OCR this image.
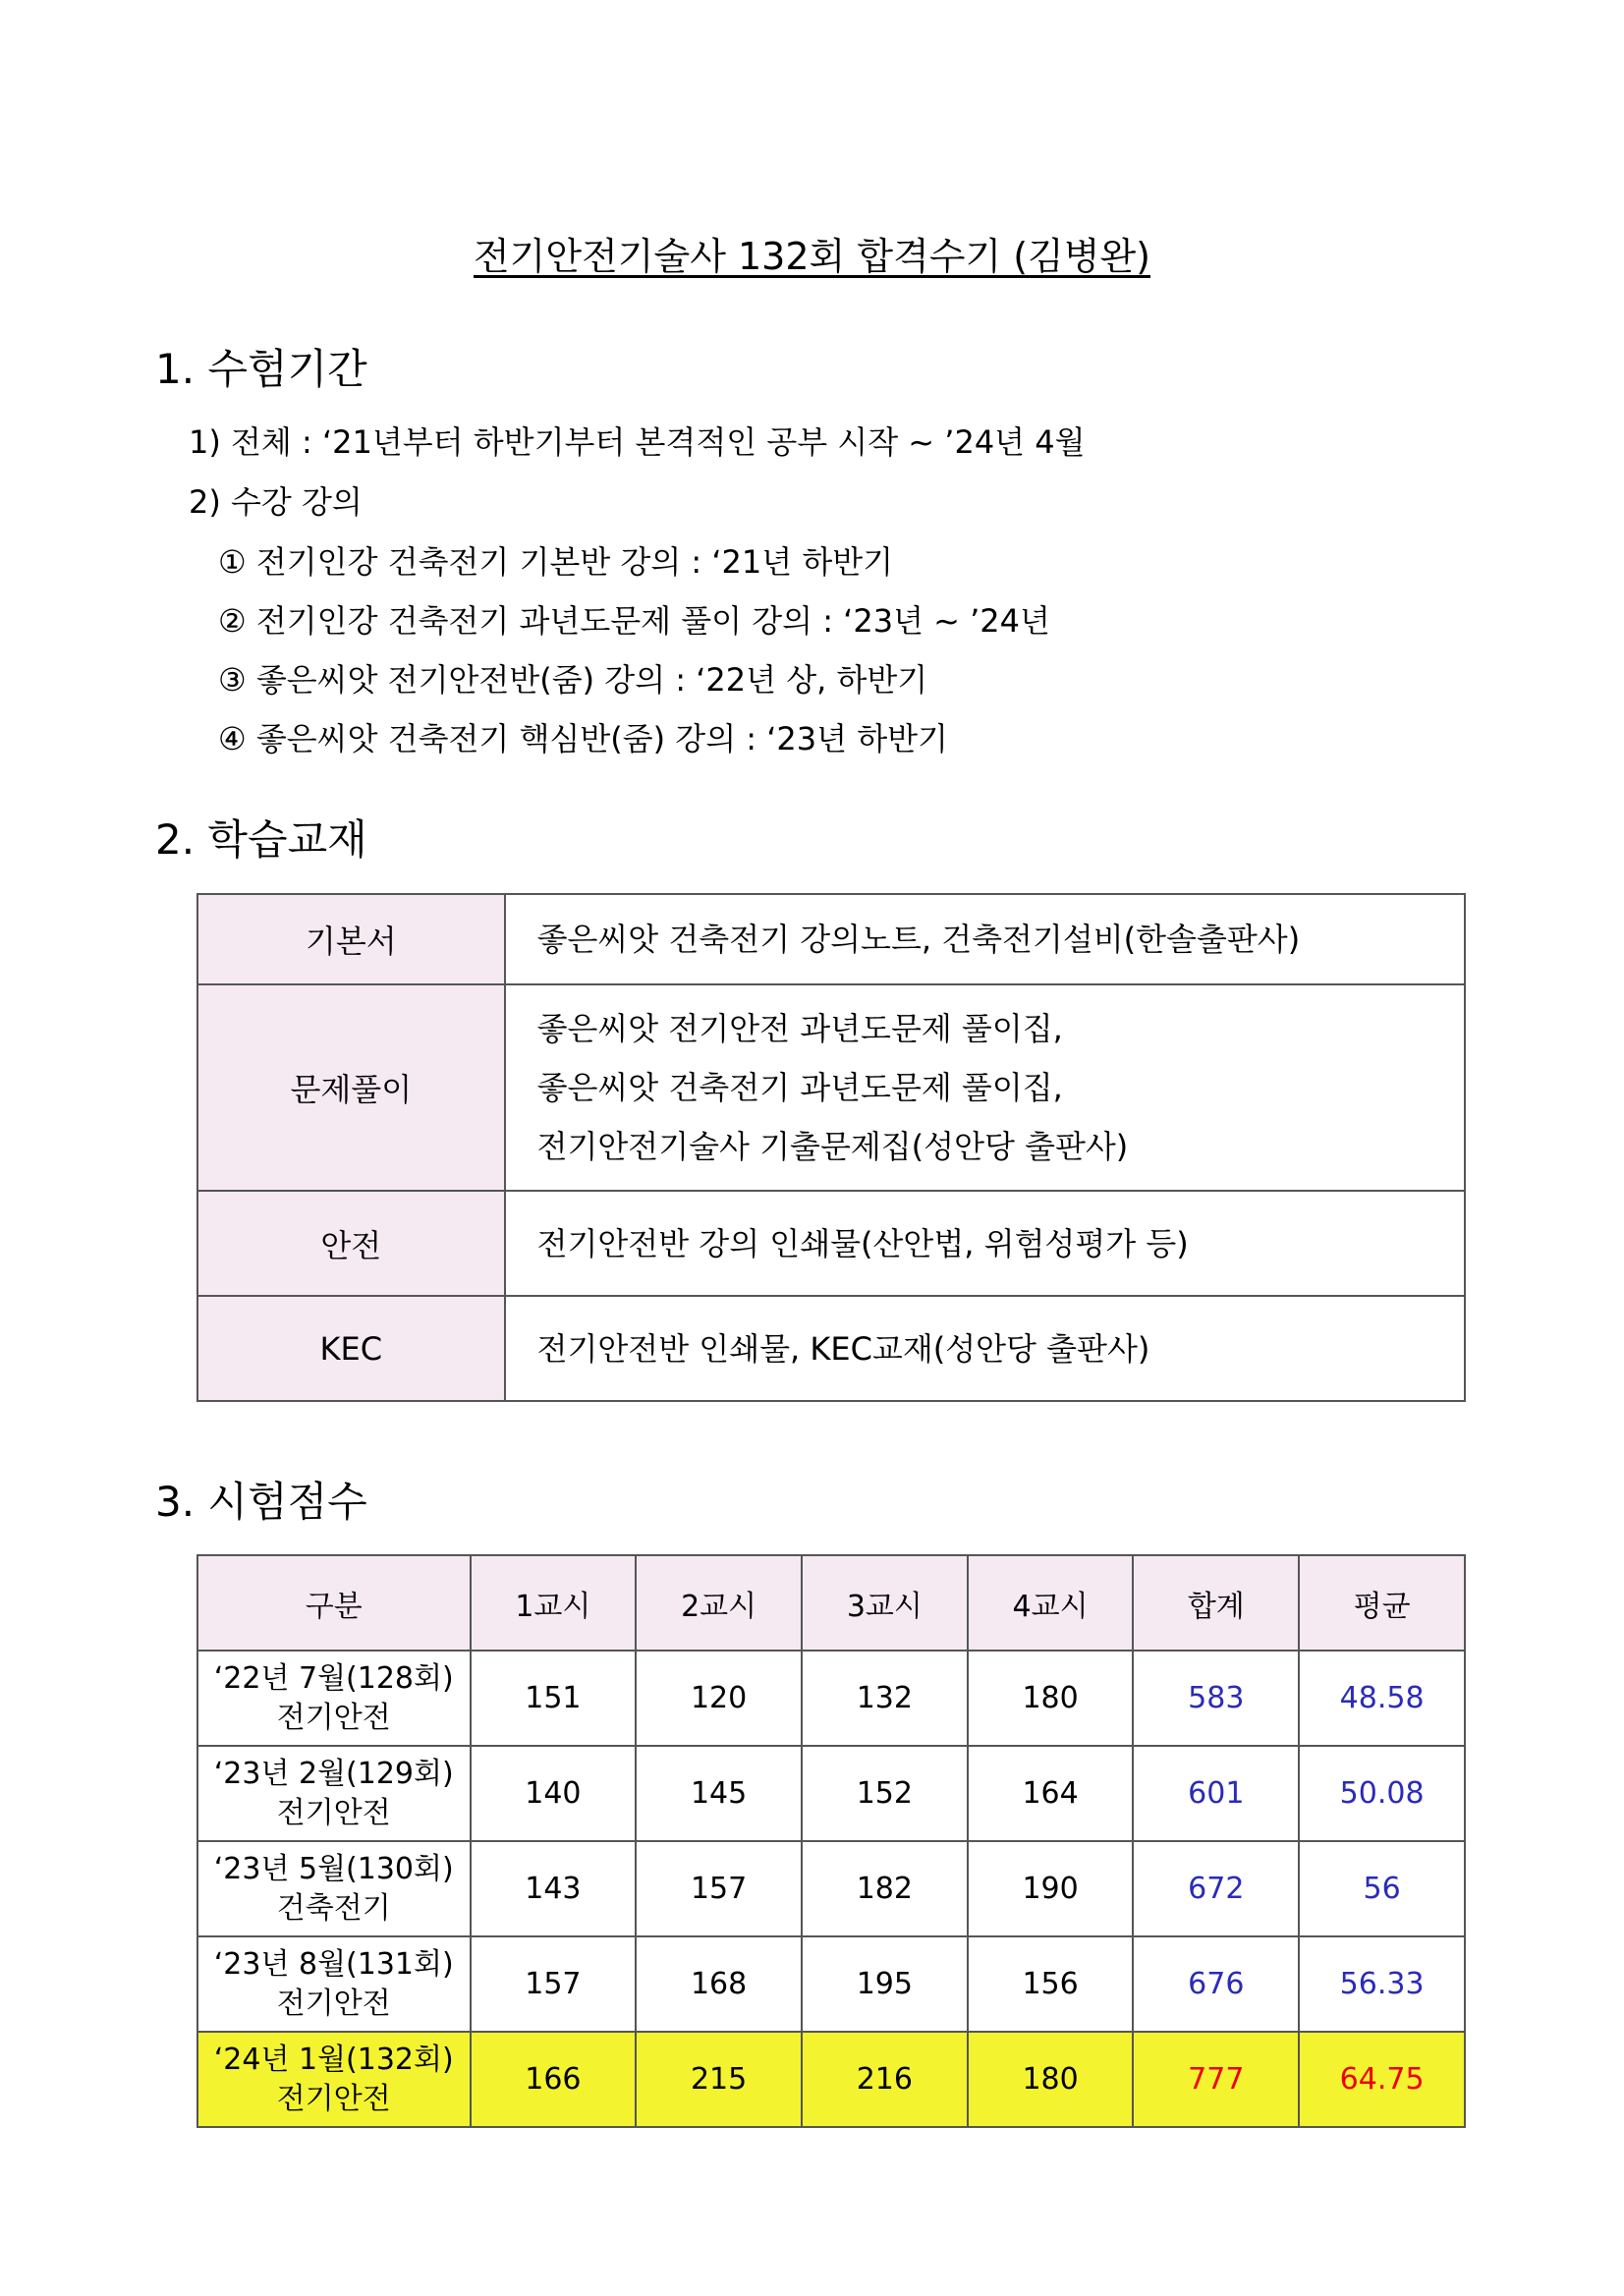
전기안전기술사 132회 합격수기 (김병완)
1. 수험기간
1) 전체 : ‘21년부터 하반기부터 본격적인 공부 시작 ~ ’24년 4월
2) 수강 강의
① 전기인강 건축전기 기본반 강의 : ‘21년 하반기
② 전기인강 건축전기 과년도문제 풀이 강의 : ‘23년 ~ ’24년
③ 좋은씨앗 전기안전반(줌) 강의 : ‘22년 상, 하반기
④ 좋은씨앗 건축전기 핵심반(줌) 강의 : ‘23년 하반기
2. 학습교재
기본서	좋은씨앗 건축전기 강의노트, 건축전기설비(한솔출판사)

문제풀이	좋은씨앗 전기안전 과년도문제 풀이집,
좋은씨앗 건축전기 과년도문제 풀이집,
전기안전기술사 기출문제집(성안당 출판사)

안전	전기안전반 강의 인쇄물(산안법, 위험성평가 등)

KEC	전기안전반 인쇄물, KEC교재(성안당 출판사)
3. 시험점수
구분	1교시	2교시	3교시	4교시	합계	평균

‘22년 7월(128회)
전기안전	151	120	132	180	583	48.58

‘23년 2월(129회)
전기안전	140	145	152	164	601	50.08

‘23년 5월(130회)
건축전기	143	157	182	190	672	56

‘23년 8월(131회)
전기안전	157	168	195	156	676	56.33

‘24년 1월(132회)
전기안전	166	215	216	180	777	64.75
